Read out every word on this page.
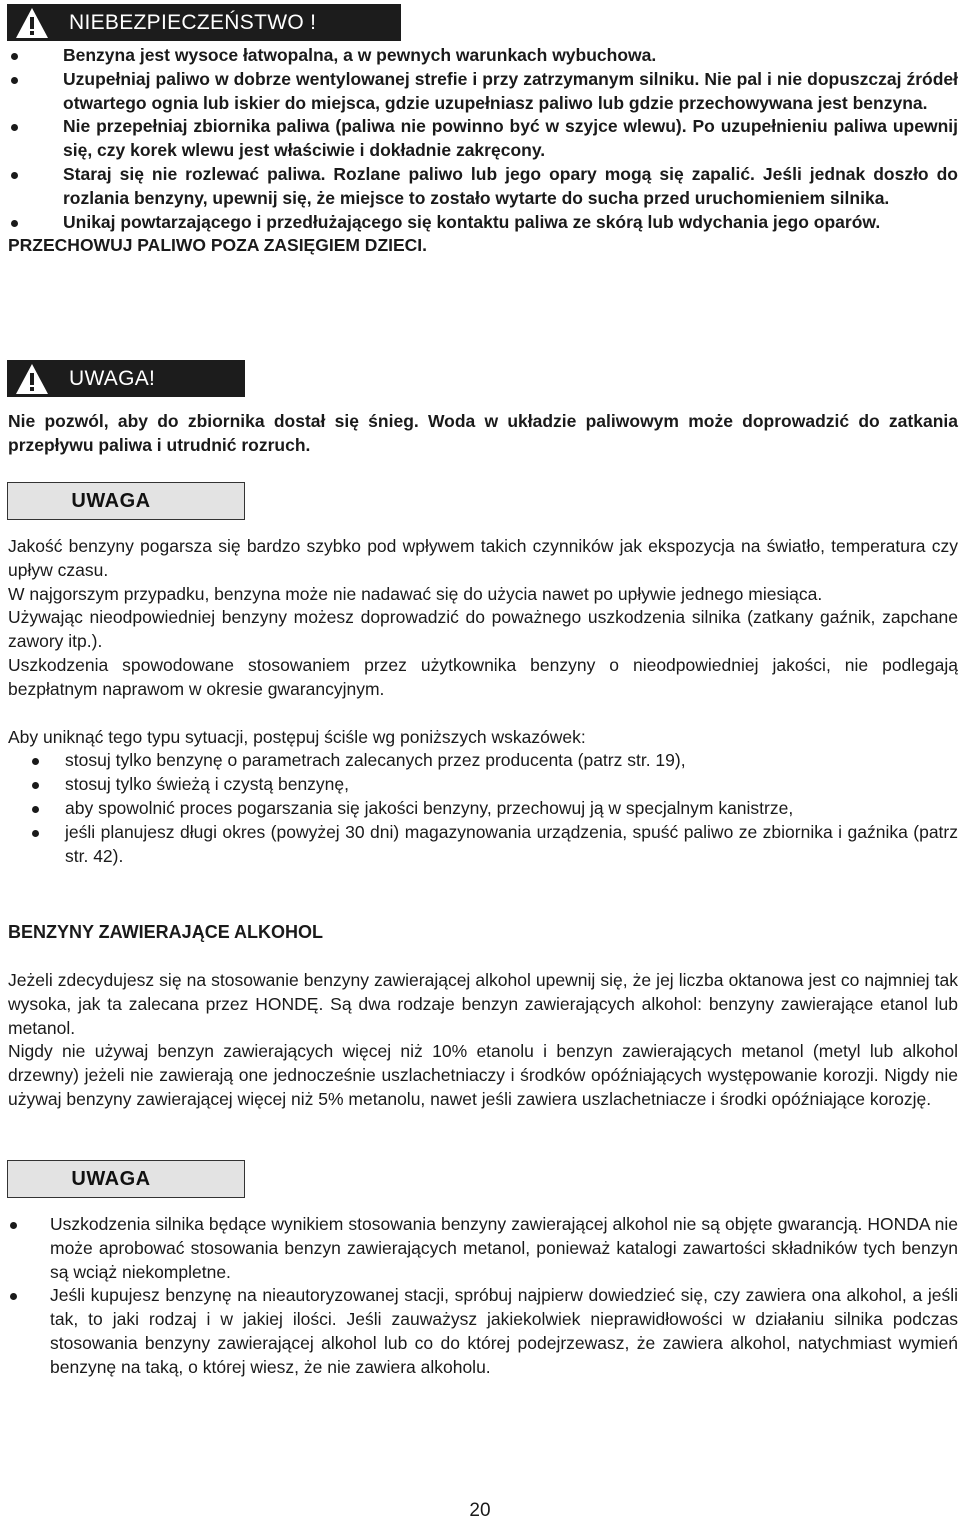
NIEBEZPIECZEŃSTWO !
Benzyna jest wysoce łatwopalna, a w pewnych warunkach wybuchowa.
Uzupełniaj paliwo w dobrze wentylowanej strefie i przy zatrzymanym silniku. Nie pal i nie dopuszczaj źródeł otwartego ognia lub iskier do miejsca, gdzie uzupełniasz paliwo lub gdzie przechowywana jest benzyna.
Nie przepełniaj zbiornika paliwa (paliwa nie powinno być w szyjce wlewu). Po uzupełnieniu paliwa upewnij się, czy korek wlewu jest właściwie i dokładnie zakręcony.
Staraj się nie rozlewać paliwa. Rozlane paliwo lub jego opary mogą się zapalić. Jeśli jednak doszło do rozlania benzyny, upewnij się, że miejsce to zostało wytarte do sucha przed uruchomieniem silnika.
Unikaj powtarzającego i przedłużającego się kontaktu paliwa ze skórą lub wdychania jego oparów.
PRZECHOWUJ PALIWO POZA ZASIĘGIEM DZIECI.
UWAGA!
Nie pozwól, aby do zbiornika dostał się śnieg. Woda w układzie paliwowym może doprowadzić do zatkania przepływu paliwa i utrudnić rozruch.
UWAGA
Jakość benzyny pogarsza się bardzo szybko pod wpływem takich czynników jak ekspozycja na światło, temperatura czy upływ czasu.
W najgorszym przypadku, benzyna może nie nadawać się do użycia nawet po upływie jednego miesiąca.
Używając nieodpowiedniej benzyny możesz doprowadzić do poważnego uszkodzenia silnika (zatkany gaźnik, zapchane zawory itp.).
Uszkodzenia spowodowane stosowaniem przez użytkownika benzyny o nieodpowiedniej jakości, nie podlegają bezpłatnym naprawom w okresie gwarancyjnym.
Aby uniknąć tego typu sytuacji, postępuj ściśle wg poniższych wskazówek:
stosuj tylko benzynę o parametrach zalecanych przez producenta (patrz str. 19),
stosuj tylko świeżą i czystą benzynę,
aby spowolnić proces pogarszania się jakości benzyny, przechowuj ją w specjalnym kanistrze,
jeśli planujesz długi okres (powyżej 30 dni) magazynowania urządzenia, spuść paliwo ze zbiornika i gaźnika (patrz str. 42).
BENZYNY ZAWIERAJĄCE ALKOHOL
Jeżeli zdecydujesz się na stosowanie benzyny zawierającej alkohol upewnij się, że jej liczba oktanowa jest co najmniej tak wysoka, jak ta zalecana przez HONDĘ. Są dwa rodzaje benzyn zawierających alkohol: benzyny zawierające etanol lub metanol.
Nigdy nie używaj benzyn zawierających więcej niż 10% etanolu i benzyn zawierających metanol (metyl lub alkohol drzewny) jeżeli nie zawierają one jednocześnie uszlachetniaczy i środków opóźniających występowanie korozji. Nigdy nie używaj benzyny zawierającej więcej niż 5% metanolu, nawet jeśli zawiera uszlachetniacze i środki opóźniające korozję.
UWAGA
Uszkodzenia silnika będące wynikiem stosowania benzyny zawierającej alkohol nie są objęte gwarancją. HONDA nie może aprobować stosowania benzyn zawierających metanol, ponieważ katalogi zawartości składników tych benzyn są wciąż niekompletne.
Jeśli kupujesz benzynę na nieautoryzowanej stacji, spróbuj najpierw dowiedzieć się, czy zawiera ona alkohol, a jeśli tak, to jaki rodzaj i w jakiej ilości. Jeśli zauważysz jakiekolwiek nieprawidłowości w działaniu silnika podczas stosowania benzyny zawierającej alkohol lub co do której podejrzewasz, że zawiera alkohol, natychmiast wymień benzynę na taką, o której wiesz, że nie zawiera alkoholu.
20
